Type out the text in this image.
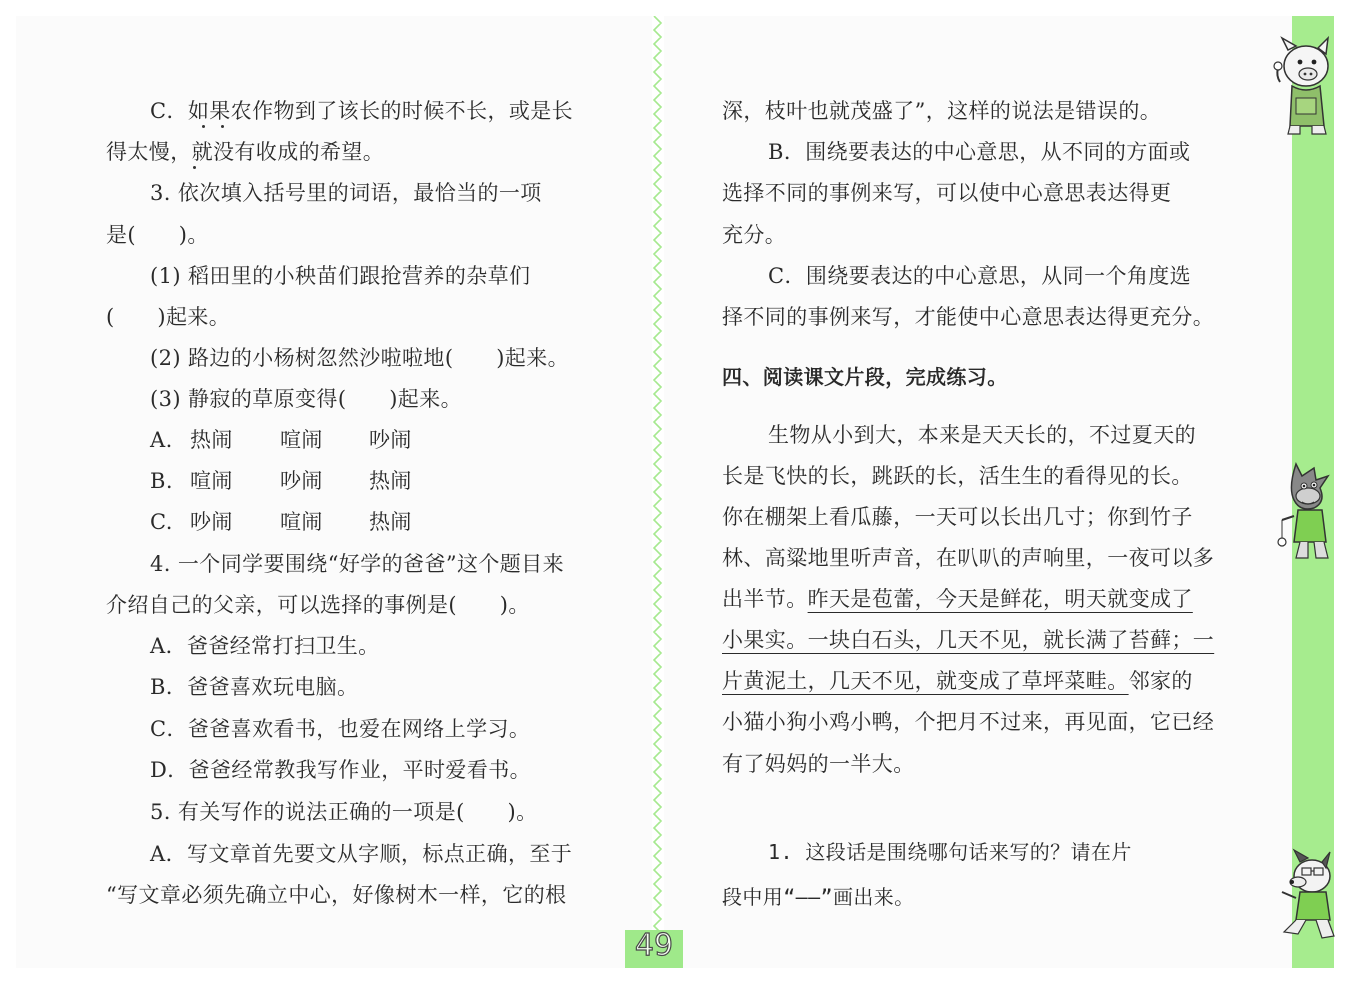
C．如果农作物到了该长的时候不长，或是长
得太慢，就没有收成的希望。
3. 依次填入括号里的词语，最恰当的一项
是(　　)。
(1) 稻田里的小秧苗们跟抢营养的杂草们
(　　)起来。
(2) 路边的小杨树忽然沙啦啦地(　　)起来。
(3) 静寂的草原变得(　　)起来。
A. 热闹 喧闹 吵闹
B. 喧闹 吵闹 热闹
C. 吵闹 喧闹 热闹
4. 一个同学要围绕“好学的爸爸”这个题目来
介绍自己的父亲，可以选择的事例是(　　)。
A．爸爸经常打扫卫生。
B．爸爸喜欢玩电脑。
C．爸爸喜欢看书，也爱在网络上学习。
D．爸爸经常教我写作业，平时爱看书。
5. 有关写作的说法正确的一项是(　　)。
A．写文章首先要文从字顺，标点正确，至于
“写文章必须先确立中心，好像树木一样，它的根
深，枝叶也就茂盛了”，这样的说法是错误的。
B．围绕要表达的中心意思，从不同的方面或
选择不同的事例来写，可以使中心意思表达得更
充分。
C．围绕要表达的中心意思，从同一个角度选
择不同的事例来写，才能使中心意思表达得更充分。
四、阅读课文片段，完成练习。
生物从小到大，本来是天天长的，不过夏天的
长是飞快的长，跳跃的长，活生生的看得见的长。
你在棚架上看瓜藤，一天可以长出几寸；你到竹子
林、高粱地里听声音，在叭叭的声响里，一夜可以多
出半节。昨天是苞蕾，今天是鲜花，明天就变成了
小果实。一块白石头，几天不见，就长满了苔藓；一
片黄泥土，几天不见，就变成了草坪菜畦。邻家的
小猫小狗小鸡小鸭，个把月不过来，再见面，它已经
有了妈妈的一半大。
1. 这段话是围绕哪句话来写的？请在片
段中用“——”画出来。
49
